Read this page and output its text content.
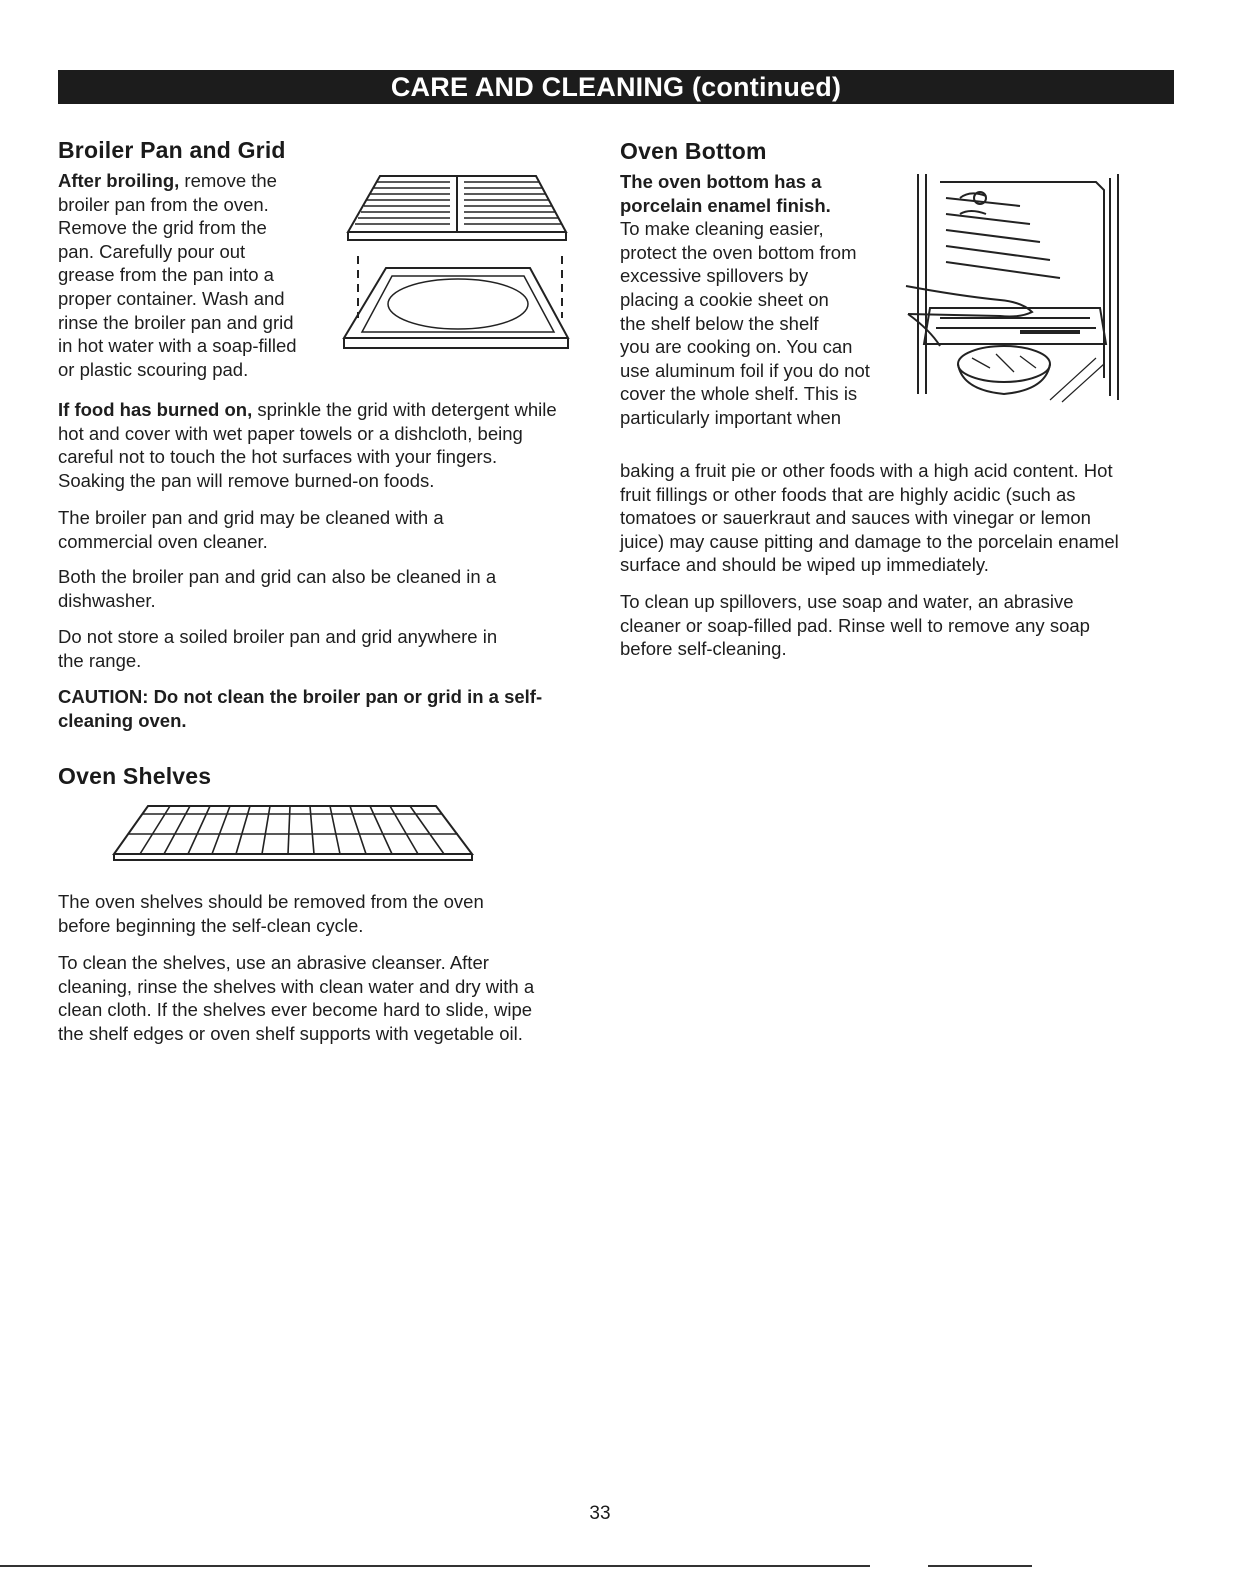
CARE AND CLEANING (continued)
Broiler Pan and Grid

After broiling, remove the
broiler pan from the oven.
Remove the grid from the
pan. Carefully pour out
grease from the pan into a
proper container. Wash and
rinse the broiler pan and grid
in hot water with a soap-filled
or plastic scouring pad.

If food has burned on, sprinkle the grid with detergent while hot and cover with wet paper towels or a dishcloth, being careful not to touch the hot surfaces with your fingers. Soaking the pan will remove burned-on foods.

The broiler pan and grid may be cleaned with a commercial oven cleaner.

Both the broiler pan and grid can also be cleaned in a dishwasher.

Do not store a soiled broiler pan and grid anywhere in the range.

CAUTION: Do not clean the broiler pan or grid in a self-cleaning oven.

Oven Shelves

The oven shelves should be removed from the oven before beginning the self-clean cycle.

To clean the shelves, use an abrasive cleanser. After cleaning, rinse the shelves with clean water and dry with a clean cloth. If the shelves ever become hard to slide, wipe the shelf edges or oven shelf supports with vegetable oil.

Oven Bottom

The oven bottom has a
porcelain enamel finish.
To make cleaning easier,
protect the oven bottom from
excessive spillovers by
placing a cookie sheet on
the shelf below the shelf
you are cooking on. You can
use aluminum foil if you do not
cover the whole shelf. This is
particularly important when

baking a fruit pie or other foods with a high acid content. Hot fruit fillings or other foods that are highly acidic (such as tomatoes or sauerkraut and sauces with vinegar or lemon juice) may cause pitting and damage to the porcelain enamel surface and should be wiped up immediately.

To clean up spillovers, use soap and water, an abrasive cleaner or soap-filled pad. Rinse well to remove any soap before self-cleaning.

33
